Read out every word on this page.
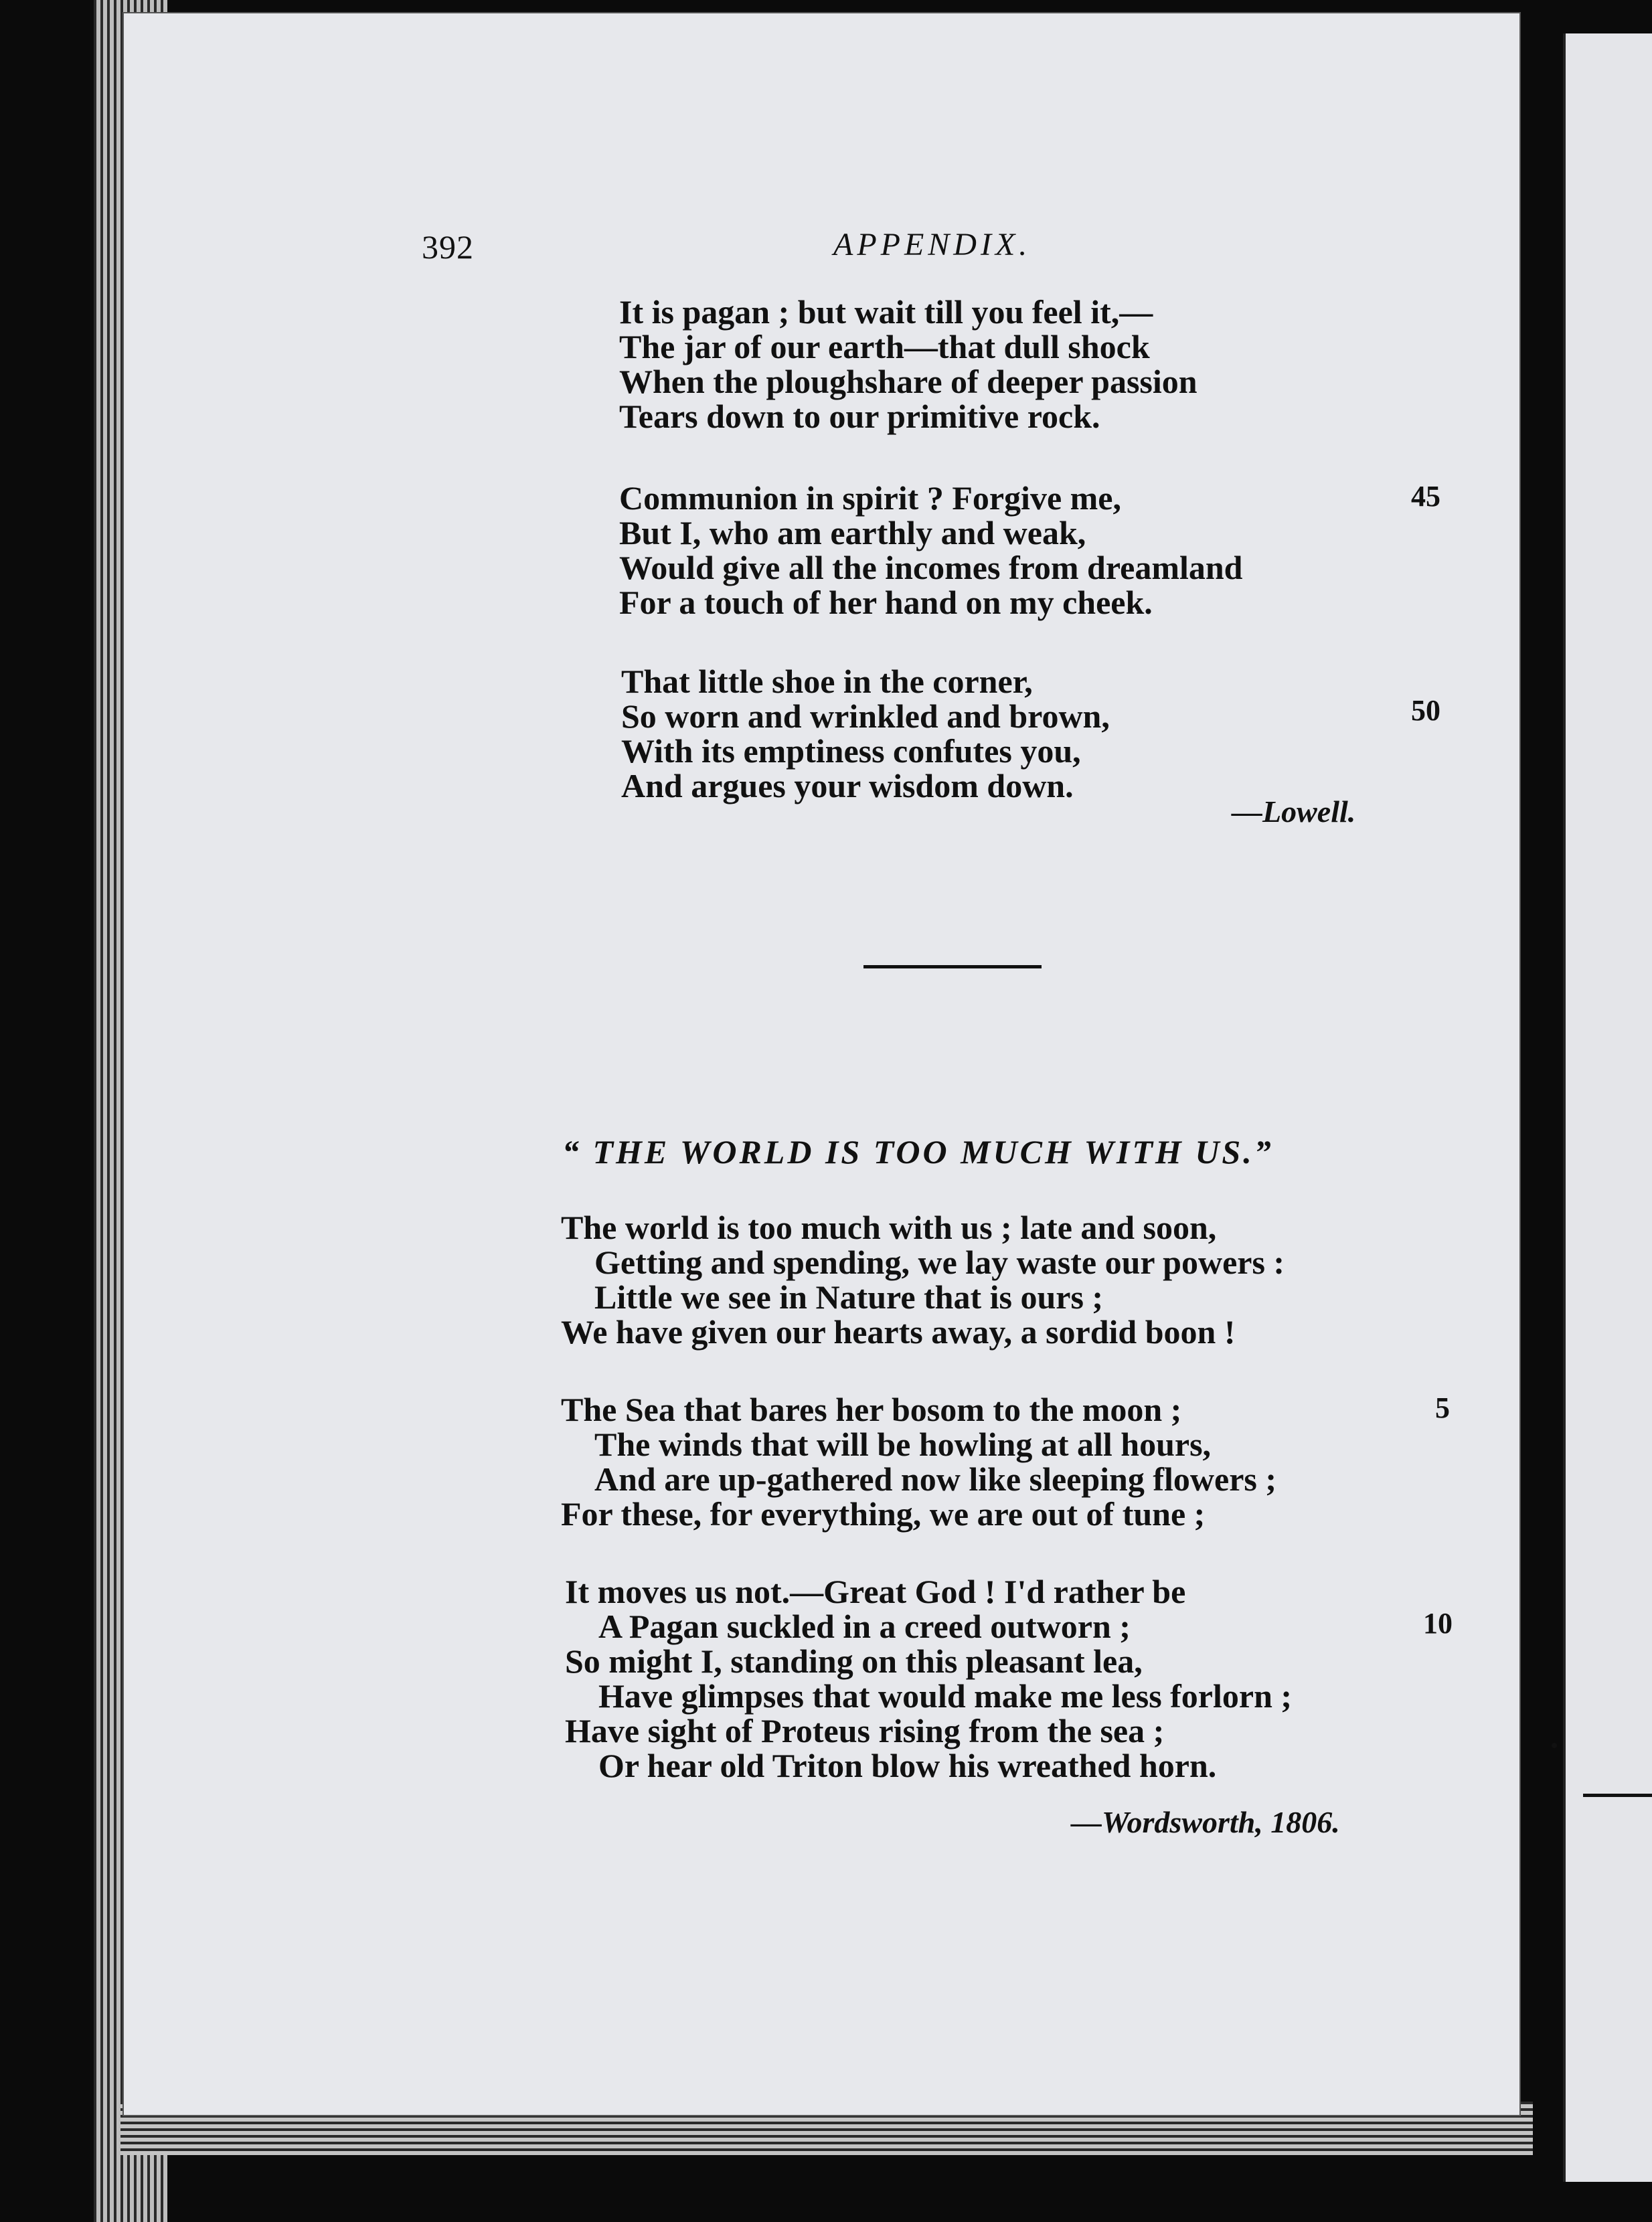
392	APPENDIX.
It is pagan ; but wait till you feel it,—
The jar of our earth—that dull shock
When the ploughshare of deeper passion
Tears down to our primitive rock.
Communion in spirit ? Forgive me,
But I, who am earthly and weak,
Would give all the incomes from dreamland
For a touch of her hand on my cheek.
45
That little shoe in the corner,
So worn and wrinkled and brown,
With its emptiness confutes you,
And argues your wisdom down.
50
—Lowell.
“ THE WORLD IS TOO MUCH WITH US.”
The world is too much with us ; late and soon,
Getting and spending, we lay waste our powers :
Little we see in Nature that is ours ;
We have given our hearts away, a sordid boon !
The Sea that bares her bosom to the moon ;
The winds that will be howling at all hours,
And are up-gathered now like sleeping flowers ;
For these, for everything, we are out of tune ;
5
It moves us not.—Great God ! I'd rather be
A Pagan suckled in a creed outworn ;
So might I, standing on this pleasant lea,
Have glimpses that would make me less forlorn ;
Have sight of Proteus rising from the sea ;
Or hear old Triton blow his wreathed horn.
10
—Wordsworth, 1806.
